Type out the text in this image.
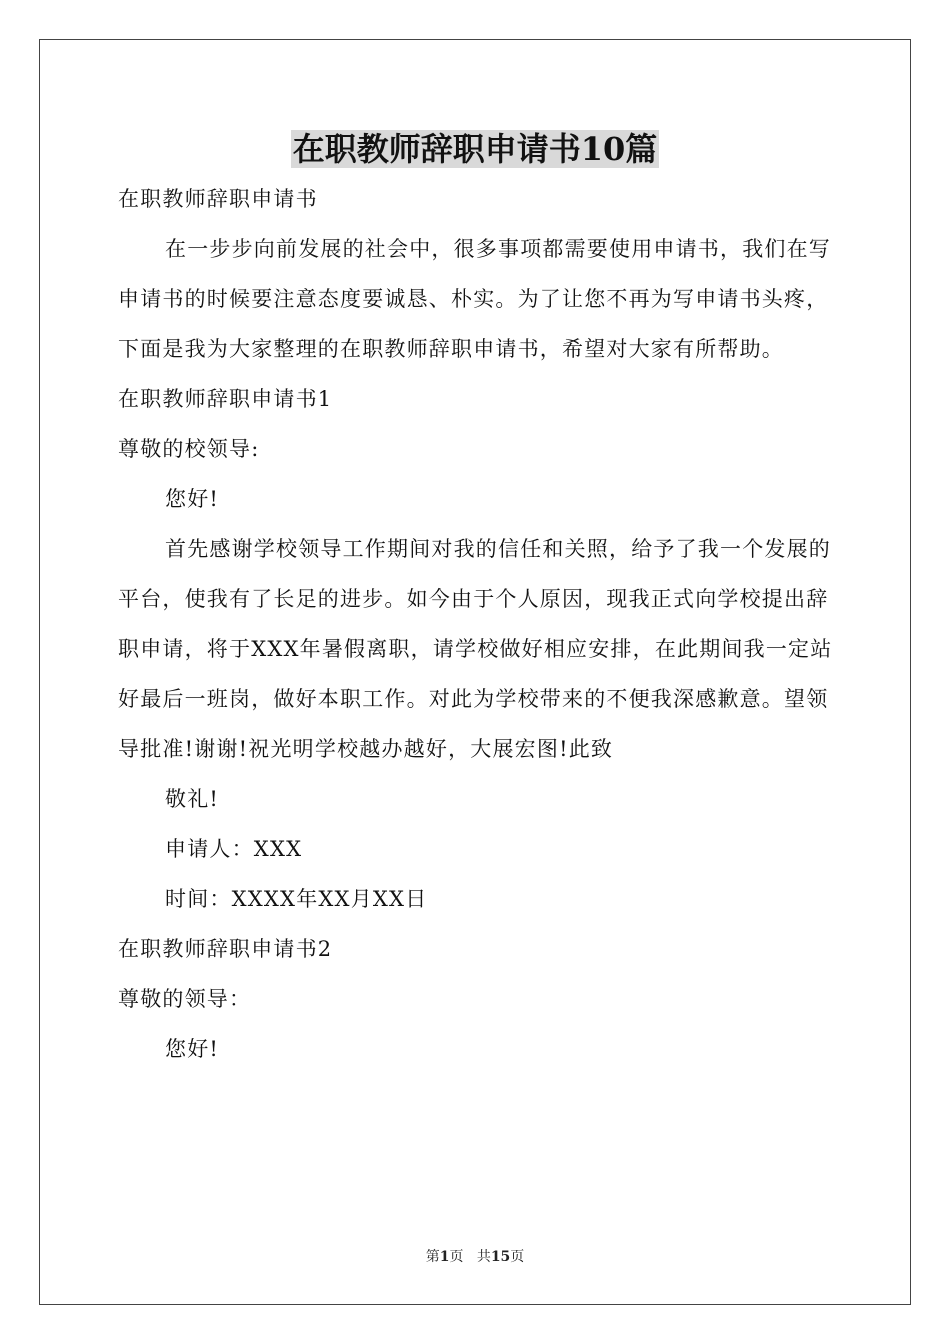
在职教师辞职申请书10篇

在职教师辞职申请书

在一步步向前发展的社会中，很多事项都需要使用申请书，我们在写申请书的时候要注意态度要诚恳、朴实。为了让您不再为写申请书头疼，下面是我为大家整理的在职教师辞职申请书，希望对大家有所帮助。

在职教师辞职申请书1

尊敬的校领导:

您好!

首先感谢学校领导工作期间对我的信任和关照，给予了我一个发展的平台，使我有了长足的进步。如今由于个人原因，现我正式向学校提出辞职申请，将于XXX年暑假离职，请学校做好相应安排，在此期间我一定站好最后一班岗，做好本职工作。对此为学校带来的不便我深感歉意。望领导批准!谢谢!祝光明学校越办越好，大展宏图!此致

敬礼!

申请人：XXX

时间：XXXX年XX月XX日

在职教师辞职申请书2

尊敬的领导：

您好!

第1页 共15页
